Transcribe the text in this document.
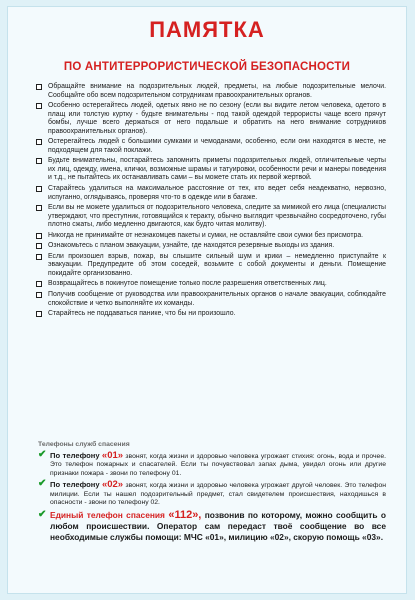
ПАМЯТКА
ПО АНТИТЕРРОРИСТИЧЕСКОЙ БЕЗОПАСНОСТИ
Обращайте внимание на подозрительных людей, предметы, на любые подозрительные мелочи. Сообщайте обо всем подозрительном сотрудникам правоохранительных органов.
Особенно остерегайтесь людей, одетых явно не по сезону (если вы видите летом человека, одетого в плащ или толстую куртку - будьте внимательны - под такой одеждой террористы чаще всего прячут бомбы, лучше всего держаться от него подальше и обратить на него внимание сотрудников правоохранительных органов).
Остерегайтесь людей с большими сумками и чемоданами, особенно, если они находятся в месте, не подходящем для такой поклажи.
Будьте внимательны, постарайтесь запомнить приметы подозрительных людей, отличительные черты их лиц, одежду, имена, клички, возможные шрамы и татуировки, особенности речи и манеры поведения и т.д., не пытайтесь их останавливать сами – вы можете стать их первой жертвой.
Старайтесь удалиться на максимальное расстояние от тех, кто ведет себя неадекватно, нервозно, испуганно, оглядываясь, проверяя что-то в одежде или в багаже.
Если вы не можете удалиться от подозрительного человека, следите за мимикой его лица (специалисты утверждают, что преступник, готовящийся к теракту, обычно выглядит чрезвычайно сосредоточено, губы плотно сжаты, либо медленно двигаются, как будто читая молитву).
Никогда не принимайте от незнакомцев пакеты и сумки, не оставляйте свои сумки без присмотра.
Ознакомьтесь с планом эвакуации, узнайте, где находятся резервные выходы из здания.
Если произошел взрыв, пожар, вы слышите сильный шум и крики – немедленно приступайте к эвакуации. Предупредите об этом соседей, возьмите с собой документы и деньги. Помещение покидайте организованно.
Возвращайтесь в покинутое помещение только после разрешения ответственных лиц.
Получив сообщение от руководства или правоохранительных органов о начале эвакуации, соблюдайте спокойствие и четко выполняйте их команды.
Старайтесь не поддаваться панике, что бы ни произошло.
Телефоны служб спасения
✔ По телефону «01» звонят, когда жизни и здоровью человека угрожает стихия: огонь, вода и прочее. Это телефон пожарных и спасателей. Если ты почувствовал запах дыма, увидел огонь или другие признаки пожара - звони по телефону 01.
✔ По телефону «02» звонят, когда жизни и здоровью человека угрожает другой человек. Это телефон милиции. Если ты нашел подозрительный предмет, стал свидетелем происшествия, находишься в опасности - звони по телефону 02.
✔ Единый телефон спасения «112», позвонив по которому, можно сообщить о любом происшествии. Оператор сам передаст твоё сообщение во все необходимые службы помощи: МЧС «01», милицию «02», скорую помощь «03».
